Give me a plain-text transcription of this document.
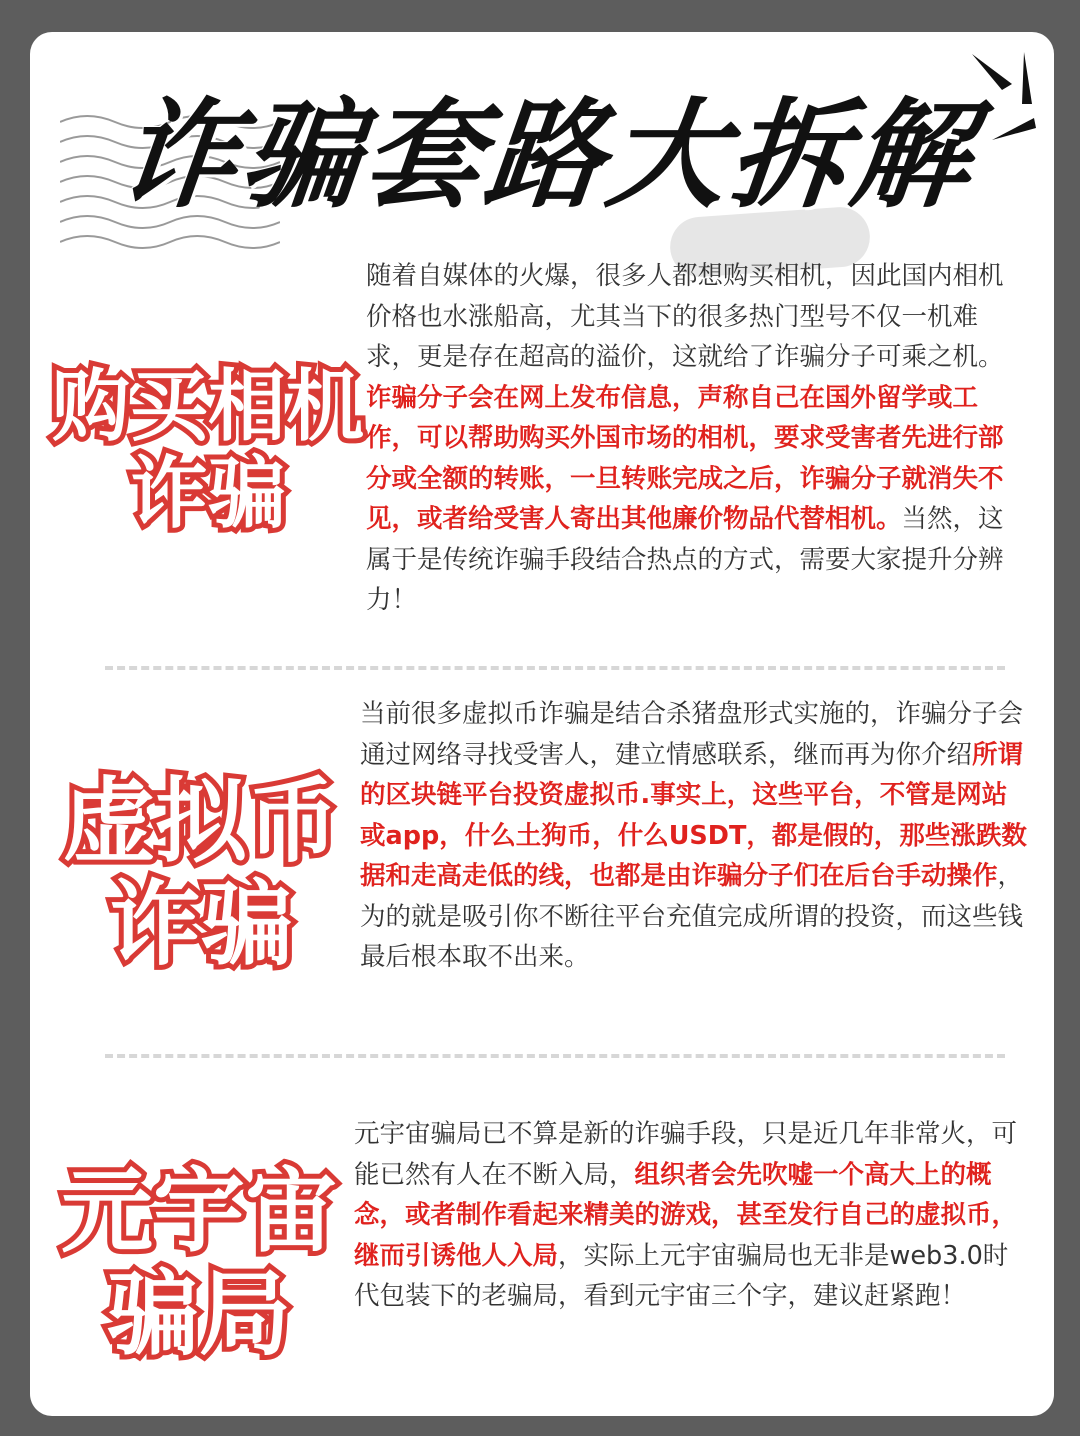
诈骗套路大拆解
购买相机
诈骗

随着自媒体的火爆，很多人都想购买相机，因此国内相机价格也水涨船高，尤其当下的很多热门型号不仅一机难求，更是存在超高的溢价，这就给了诈骗分子可乘之机。诈骗分子会在网上发布信息，声称自己在国外留学或工作，可以帮助购买外国市场的相机，要求受害者先进行部分或全额的转账，一旦转账完成之后，诈骗分子就消失不见，或者给受害人寄出其他廉价物品代替相机。当然，这属于是传统诈骗手段结合热点的方式，需要大家提升分辨力！

虚拟币
诈骗

当前很多虚拟币诈骗是结合杀猪盘形式实施的，诈骗分子会通过网络寻找受害人，建立情感联系，继而再为你介绍所谓的区块链平台投资虚拟币.事实上，这些平台，不管是网站或app，什么土狗币，什么USDT，都是假的，那些涨跌数据和走高走低的线，也都是由诈骗分子们在后台手动操作，为的就是吸引你不断往平台充值完成所谓的投资，而这些钱最后根本取不出来。

元宇宙
骗局

元宇宙骗局已不算是新的诈骗手段，只是近几年非常火，可能已然有人在不断入局，组织者会先吹嘘一个高大上的概念，或者制作看起来精美的游戏，甚至发行自己的虚拟币，继而引诱他人入局，实际上元宇宙骗局也无非是web3.0时代包装下的老骗局，看到元宇宙三个字，建议赶紧跑！
